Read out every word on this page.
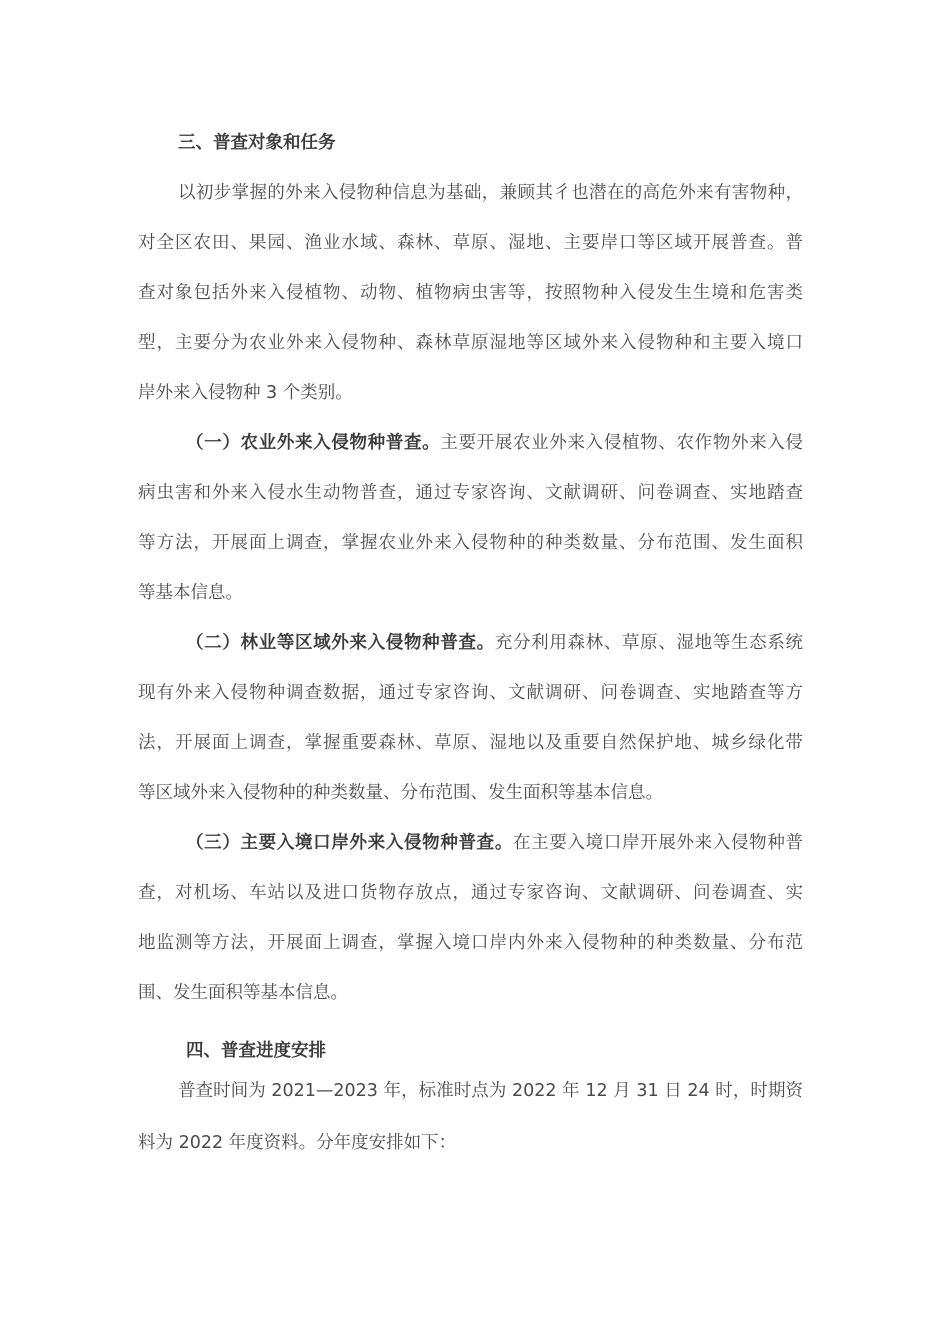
三、普查对象和任务
以初步掌握的外来入侵物种信息为基础，兼顾其彳也潜在的高危外来有害物种，
对全区农田、果园、渔业水域、森林、草原、湿地、主要岸口等区域开展普查。普
查对象包括外来入侵植物、动物、植物病虫害等，按照物种入侵发生生境和危害类
型，主要分为农业外来入侵物种、森林草原湿地等区域外来入侵物种和主要入境口
岸外来入侵物种 3 个类别。
（一）农业外来入侵物种普查。主要开展农业外来入侵植物、农作物外来入侵
病虫害和外来入侵水生动物普查，通过专家咨询、文献调研、问卷调查、实地踏查
等方法，开展面上调查，掌握农业外来入侵物种的种类数量、分布范围、发生面积
等基本信息。
（二）林业等区域外来入侵物种普查。充分利用森林、草原、湿地等生态系统
现有外来入侵物种调查数据，通过专家咨询、文献调研、问卷调查、实地踏查等方
法，开展面上调查，掌握重要森林、草原、湿地以及重要自然保护地、城乡绿化带
等区域外来入侵物种的种类数量、分布范围、发生面积等基本信息。
（三）主要入境口岸外来入侵物种普查。在主要入境口岸开展外来入侵物种普
查，对机场、车站以及进口货物存放点，通过专家咨询、文献调研、问卷调查、实
地监测等方法，开展面上调查，掌握入境口岸内外来入侵物种的种类数量、分布范
围、发生面积等基本信息。
四、普查进度安排
普查时间为 2021—2023 年，标准时点为 2022 年 12 月 31 日 24 时，时期资
料为 2022 年度资料。分年度安排如下：
